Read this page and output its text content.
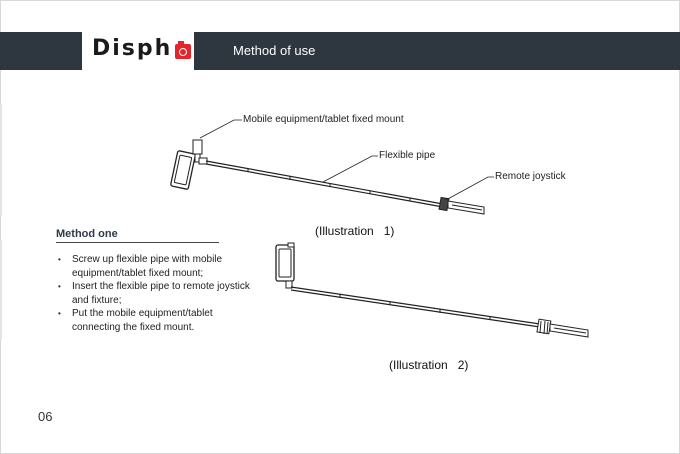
Disph	Method of use
Mobile equipment/tablet fixed mount
Flexible pipe
Remote joystick
(Illustration   1)
(Illustration   2)
Method one
• Screw up flexible pipe with mobile equipment/tablet fixed mount;
• Insert the flexible pipe to remote joystick and fixture;
• Put the mobile equipment/tablet connecting the fixed mount.
06
